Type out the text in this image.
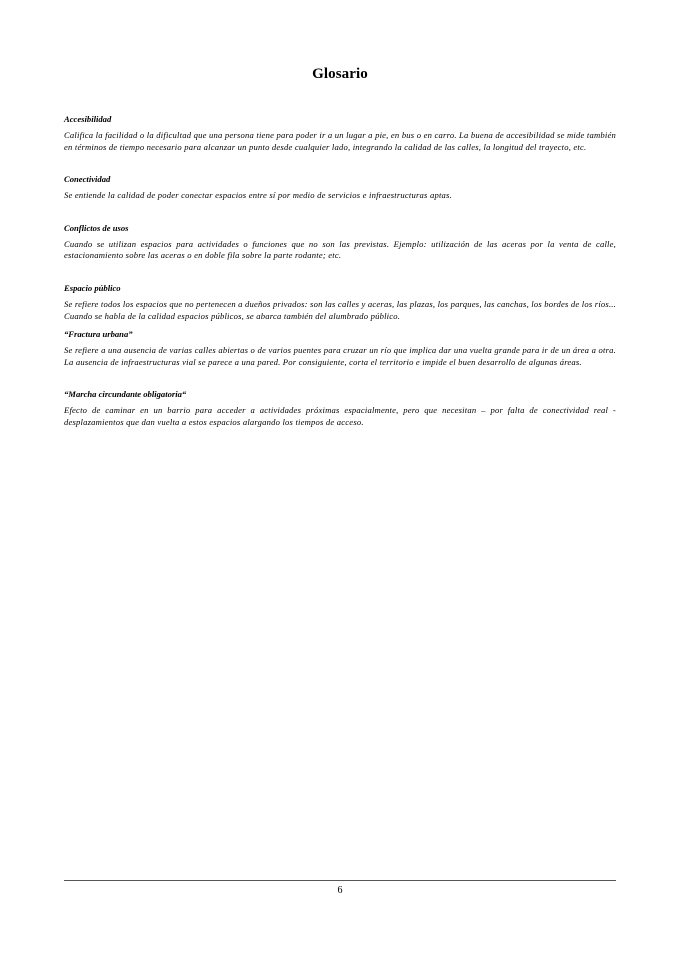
Glosario

Accesibilidad

Califica la facilidad o la dificultad que una persona tiene para poder ir a un lugar a pie, en bus o en carro. La buena de accesibilidad se mide también en términos de tiempo necesario para alcanzar un punto desde cualquier lado, integrando la calidad de las calles, la longitud del trayecto, etc.

Conectividad

Se entiende la calidad de poder conectar espacios entre sí por medio de servicios e infraestructuras aptas.

Conflictos de usos

Cuando se utilizan espacios para actividades o funciones que no son las previstas. Ejemplo: utilización de las aceras por la venta de calle, estacionamiento sobre las aceras o en doble fila sobre la parte rodante; etc.

Espacio público

Se refiere todos los espacios que no pertenecen a dueños privados: son las calles y aceras, las plazas, los parques, las canchas, los bordes de los ríos... Cuando se habla de la calidad espacios públicos, se abarca también del alumbrado público.

“Fractura urbana”

Se refiere a una ausencia de varias calles abiertas o de varios puentes para cruzar un río que implica dar una vuelta grande para ir de un área a otra. La ausencia de infraestructuras vial se parece a una pared. Por consiguiente, corta el territorio e impide el buen desarrollo de algunas áreas.

“Marcha circundante obligatoria“

Efecto de caminar en un barrio para acceder a actividades próximas espacialmente, pero que necesitan – por falta de conectividad real - desplazamientos que dan vuelta a estos espacios alargando los tiempos de acceso.

6
